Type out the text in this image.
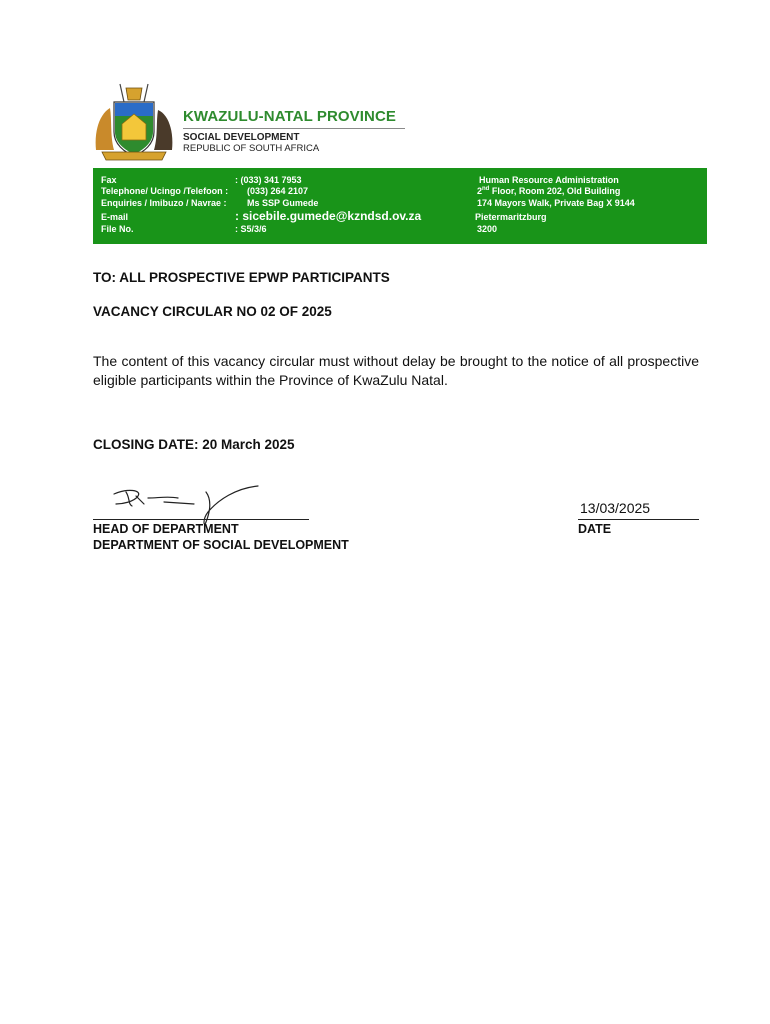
KWAZULU-NATAL PROVINCE
SOCIAL DEVELOPMENT
REPUBLIC OF SOUTH AFRICA
Fax	: (033) 341 7953
Telephone/ Ucingo /Telefoon : (033) 264 2107
Enquiries / Imibuzo / Navrae : Ms SSP Gumede
E-mail	: sicebile.gumede@kzndsd.ov.za
File No.	: S5/3/6
Human Resource Administration
2nd Floor, Room 202, Old Building
174 Mayors Walk, Private Bag X 9144
Pietermaritzburg
3200
TO: ALL PROSPECTIVE EPWP PARTICIPANTS
VACANCY CIRCULAR NO 02 OF 2025
The content of this vacancy circular must without delay be brought to the notice of all prospective eligible participants within the Province of KwaZulu Natal.
CLOSING DATE: 20 March 2025
HEAD OF DEPARTMENT
DEPARTMENT OF SOCIAL DEVELOPMENT
13/03/2025
DATE
